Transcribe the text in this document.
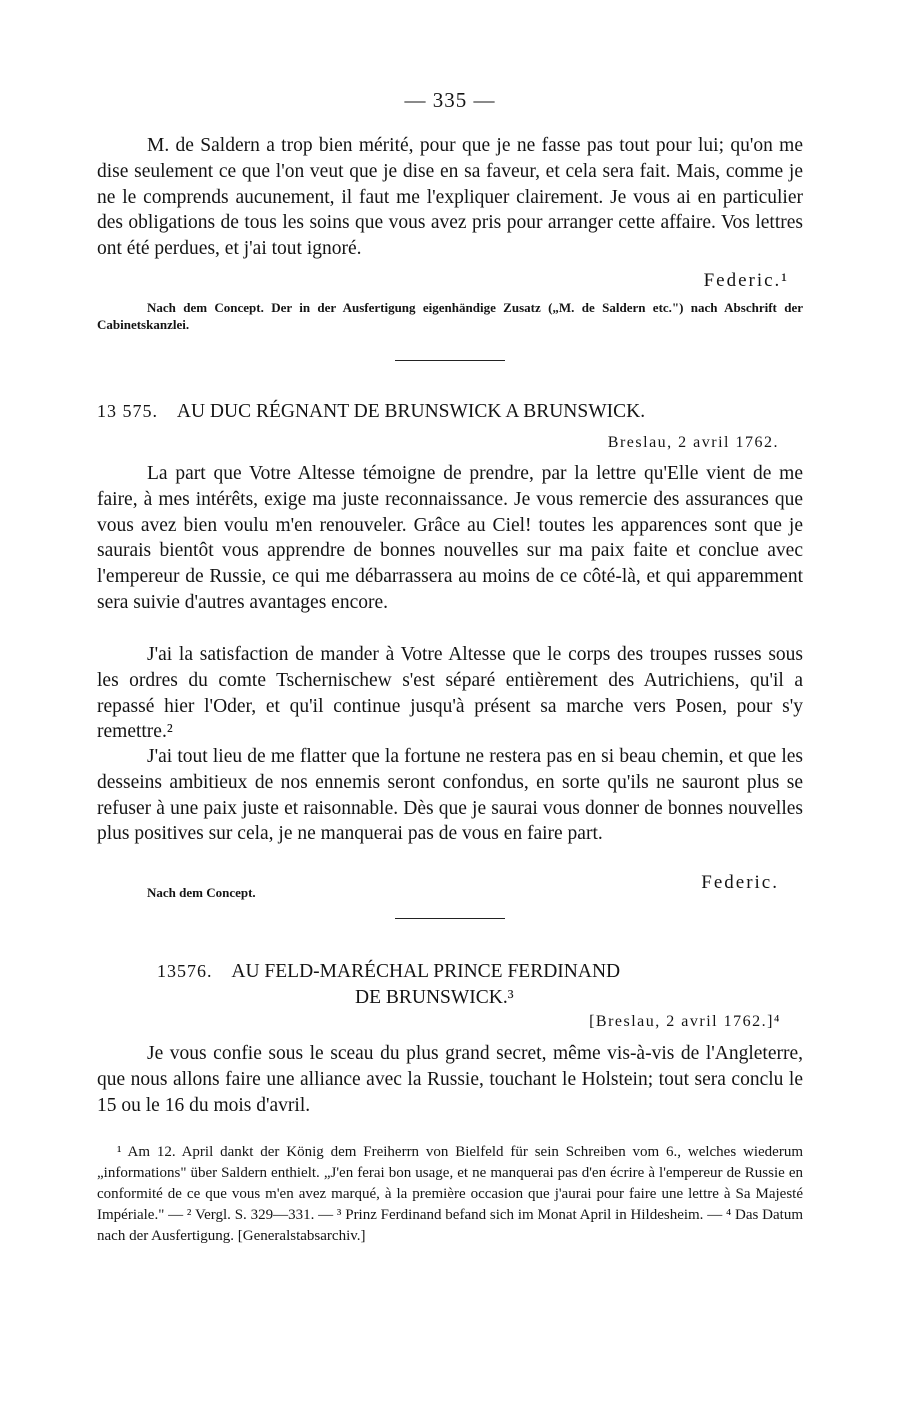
— 335 —

M. de Saldern a trop bien mérité, pour que je ne fasse pas tout pour lui; qu'on me dise seulement ce que l'on veut que je dise en sa faveur, et cela sera fait. Mais, comme je ne le comprends aucunement, il faut me l'expliquer clairement. Je vous ai en particulier des obligations de tous les soins que vous avez pris pour arranger cette affaire. Vos lettres ont été perdues, et j'ai tout ignoré.

Federic.¹

Nach dem Concept. Der in der Ausfertigung eigenhändige Zusatz („M. de Saldern etc.") nach Abschrift der Cabinetskanzlei.

13 575. AU DUC RÉGNANT DE BRUNSWICK A BRUNSWICK.
Breslau, 2 avril 1762.

La part que Votre Altesse témoigne de prendre, par la lettre qu'Elle vient de me faire, à mes intérêts, exige ma juste reconnaissance. Je vous remercie des assurances que vous avez bien voulu m'en renouveler. Grâce au Ciel! toutes les apparences sont que je saurais bientôt vous apprendre de bonnes nouvelles sur ma paix faite et conclue avec l'empereur de Russie, ce qui me débarrassera au moins de ce côté-là, et qui apparemment sera suivie d'autres avantages encore.

J'ai la satisfaction de mander à Votre Altesse que le corps des troupes russes sous les ordres du comte Tschernischew s'est séparé entièrement des Autrichiens, qu'il a repassé hier l'Oder, et qu'il continue jusqu'à présent sa marche vers Posen, pour s'y remettre.²

J'ai tout lieu de me flatter que la fortune ne restera pas en si beau chemin, et que les desseins ambitieux de nos ennemis seront confondus, en sorte qu'ils ne sauront plus se refuser à une paix juste et raisonnable. Dès que je saurai vous donner de bonnes nouvelles plus positives sur cela, je ne manquerai pas de vous en faire part.

Nach dem Concept.	Federic.
13576. AU FELD-MARÉCHAL PRINCE FERDINAND
DE BRUNSWICK.³
[Breslau, 2 avril 1762.]⁴

Je vous confie sous le sceau du plus grand secret, même vis-à-vis de l'Angleterre, que nous allons faire une alliance avec la Russie, touchant le Holstein; tout sera conclu le 15 ou le 16 du mois d'avril.

¹ Am 12. April dankt der König dem Freiherrn von Bielfeld für sein Schreiben vom 6., welches wiederum „informations" über Saldern enthielt. „J'en ferai bon usage, et ne manquerai pas d'en écrire à l'empereur de Russie en conformité de ce que vous m'en avez marqué, à la première occasion que j'aurai pour faire une lettre à Sa Majesté Impériale." — ² Vergl. S. 329—331. — ³ Prinz Ferdinand befand sich im Monat April in Hildesheim. — ⁴ Das Datum nach der Ausfertigung. [Generalstabsarchiv.]
